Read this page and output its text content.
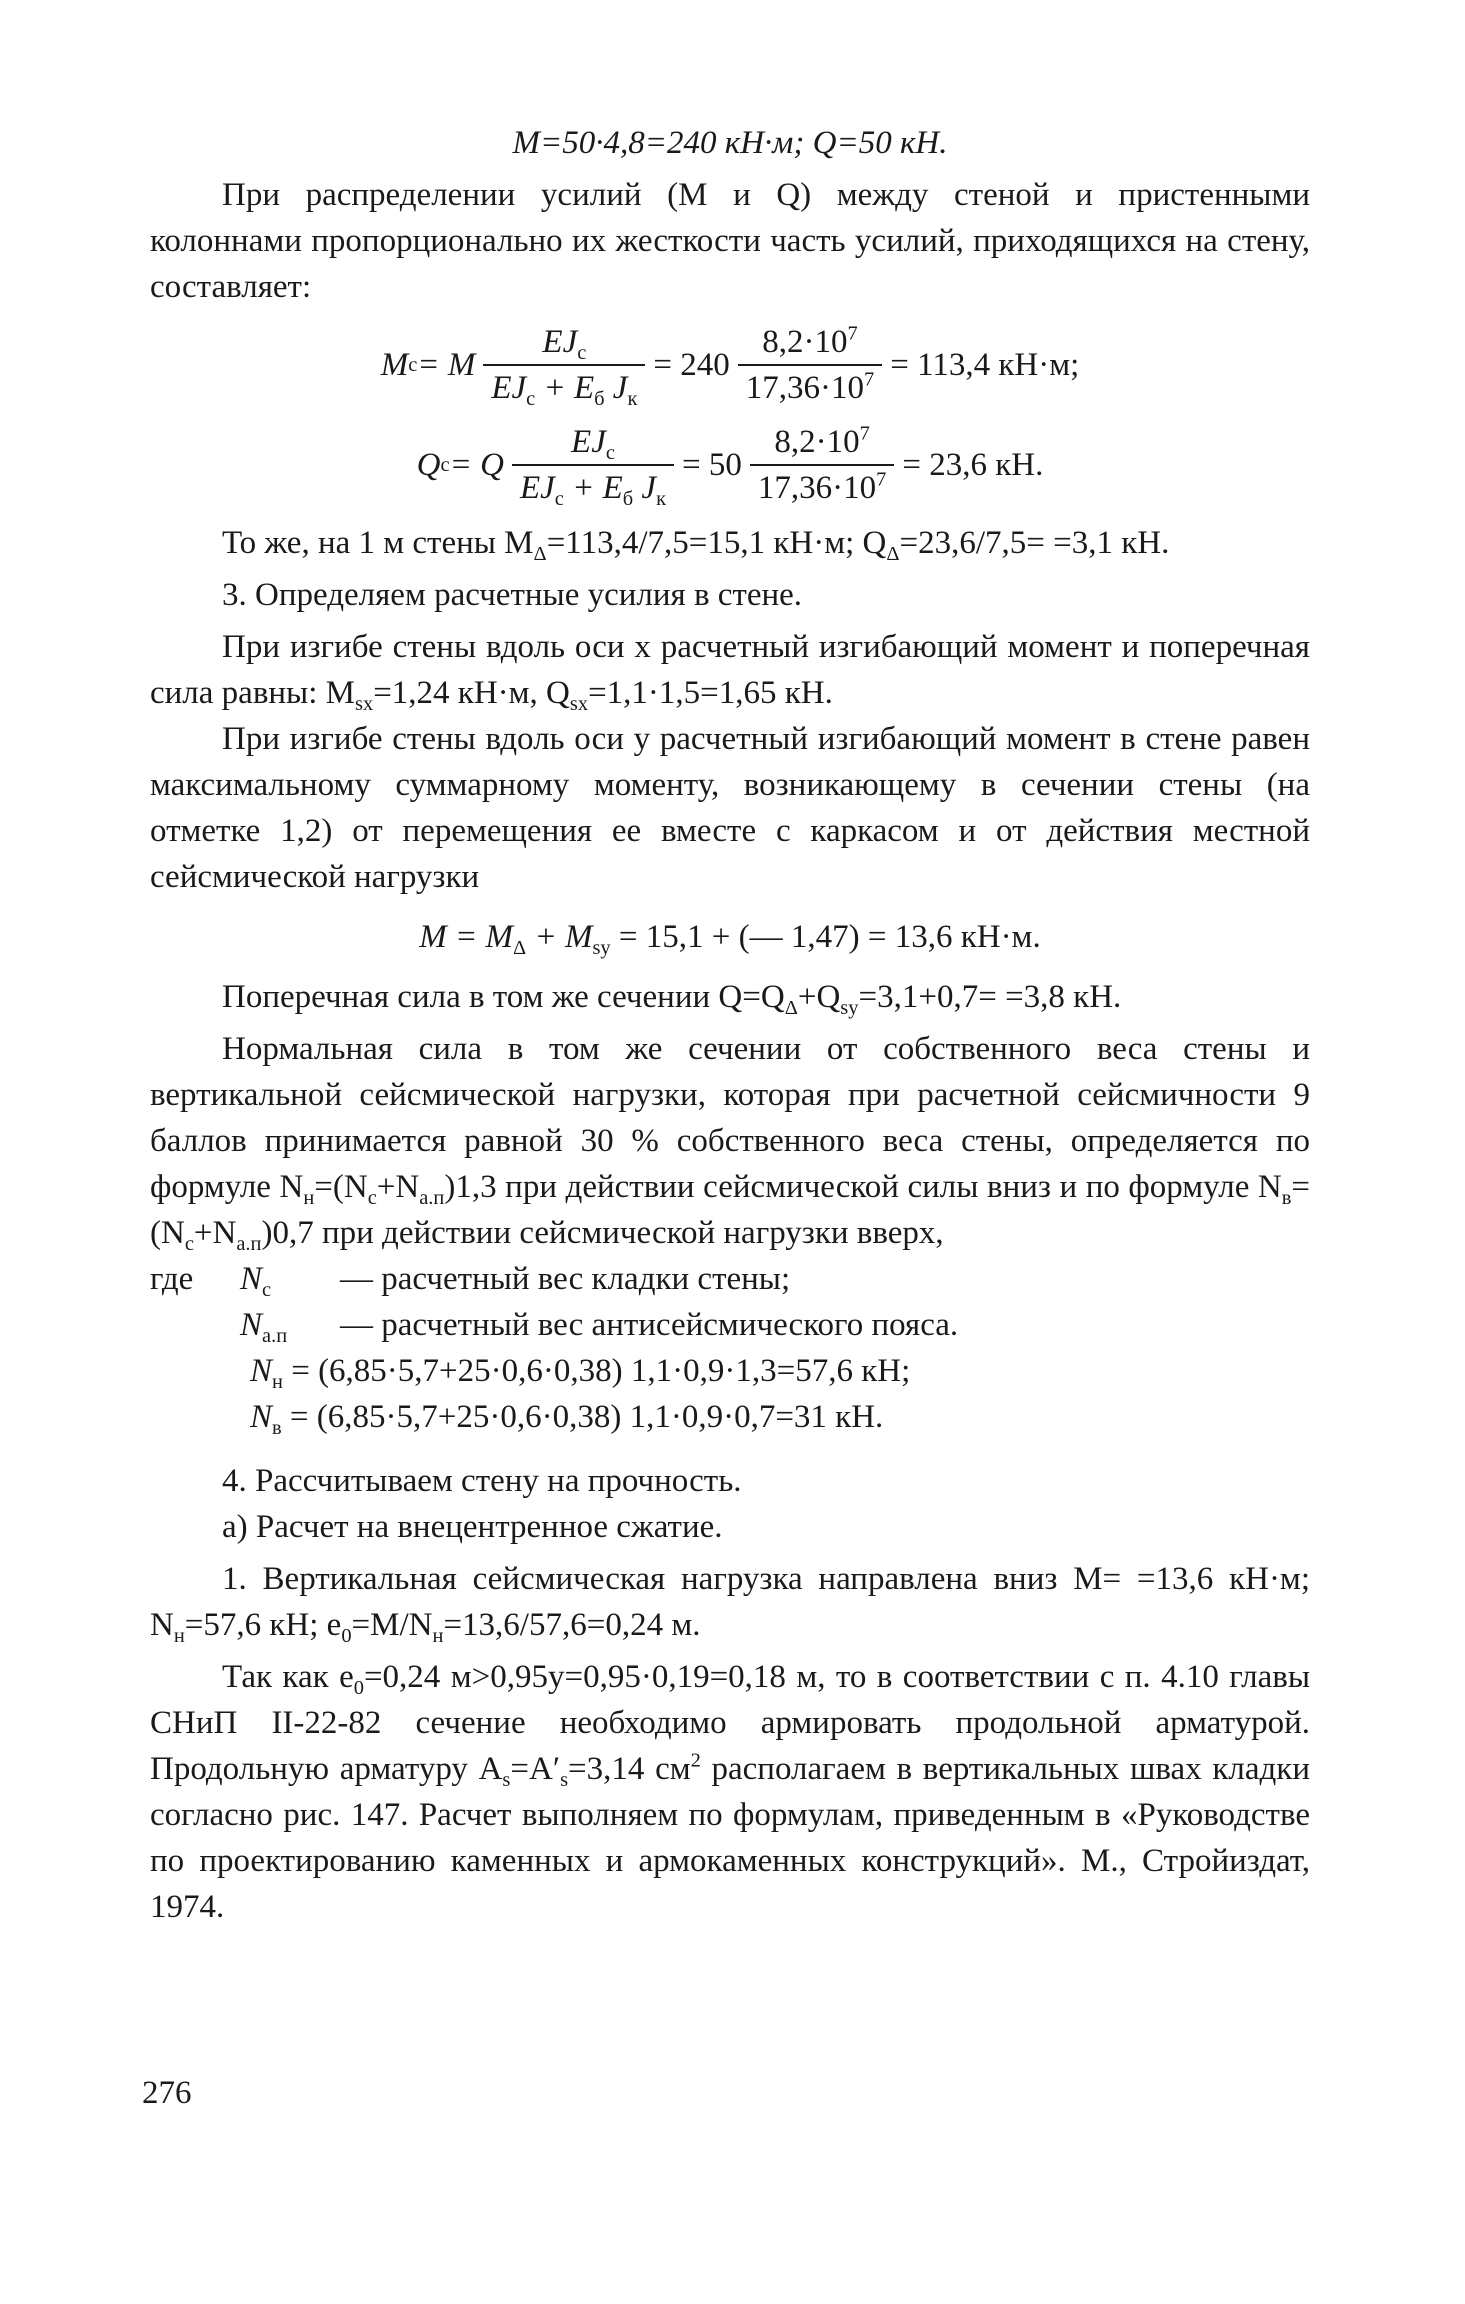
M=50·4,8=240 кН·м; Q=50 кН.

При распределении усилий (M и Q) между стеной и пристенными колоннами пропорционально их жесткости часть усилий, приходящихся на стену, составляет:

M с = M $\frac{EJ_с}{EJ_с + E_б J_к} = 240 \frac{8,2\cdot 10^7}{17,36\cdot 10^7} = 113,4$ кН·м;
Q с = Q $\frac{EJ_с}{EJ_с + E_б J_к} = 50 \frac{8,2\cdot 10^7}{17,36\cdot 10^7} = 23,6$ кН.

То же, на 1 м стены $M_\Delta=113,4/7,5=15,1$ кН·м; $Q_\Delta=23,6/7,5= =3,1$ кН.

3. Определяем расчетные усилия в стене.

При изгибе стены вдоль оси x расчетный изгибающий момент и поперечная сила равны: $M_{sx}=1,24$ кН·м, $Q_{sx}=1,1\cdot 1,5=1,65$ кН.

При изгибе стены вдоль оси y расчетный изгибающий момент в стене равен максимальному суммарному моменту, возникающему в сечении стены (на отметке 1,2) от перемещения ее вместе с каркасом и от действия местной сейсмической нагрузки

$M = M_\Delta + M_{sy} = 15,1$ + (— 1,47) = 13,6 кН·м.

Поперечная сила в том же сечении $Q=Q_\Delta+Q_{sy}=3,1+0,7= =3,8$ кН.

Нормальная сила в том же сечении от собственного веса стены и вертикальной сейсмической нагрузки, которая при расчетной сейсмичности 9 баллов принимается равной 30 % собственного веса стены, определяется по формуле $N_н=(N_с+N_{а.п})1,3$ при действии сейсмической силы вниз и по формуле $N_в=(N_с+N_{а.п})0,7$ при действии сейсмической нагрузки вверх,

где	$N_с$	— расчетный вес кладки стены;
$N_{а.п}$	— расчетный вес антисейсмического пояса.
$N_н = (6,85\cdot 5,7+25\cdot 0,6\cdot 0,38)$ 1,1·0,9·1,3=57,6 кН;
$N_в = (6,85\cdot 5,7+25\cdot 0,6\cdot 0,38)$ 1,1·0,9·0,7=31 кН.

4. Рассчитываем стену на прочность.

а) Расчет на внецентренное сжатие.

1. Вертикальная сейсмическая нагрузка направлена вниз M= =13,6 кН·м; $N_н=57,6$ кН; $e_0=M/N_н=13,6/57,6=0,24$ м.

Так как $e_0=0,24$ м>0,95y=0,95·0,19=0,18 м, то в соответствии с п. 4.10 главы СНиП II-22-82 сечение необходимо армировать продольной арматурой. Продольную арматуру $A_s=A'_s=3,14$ $см^2$ располагаем в вертикальных швах кладки согласно рис. 147. Расчет выполняем по формулам, приведенным в «Руководстве по проектированию каменных и армокаменных конструкций». М., Стройиздат, 1974.

276
